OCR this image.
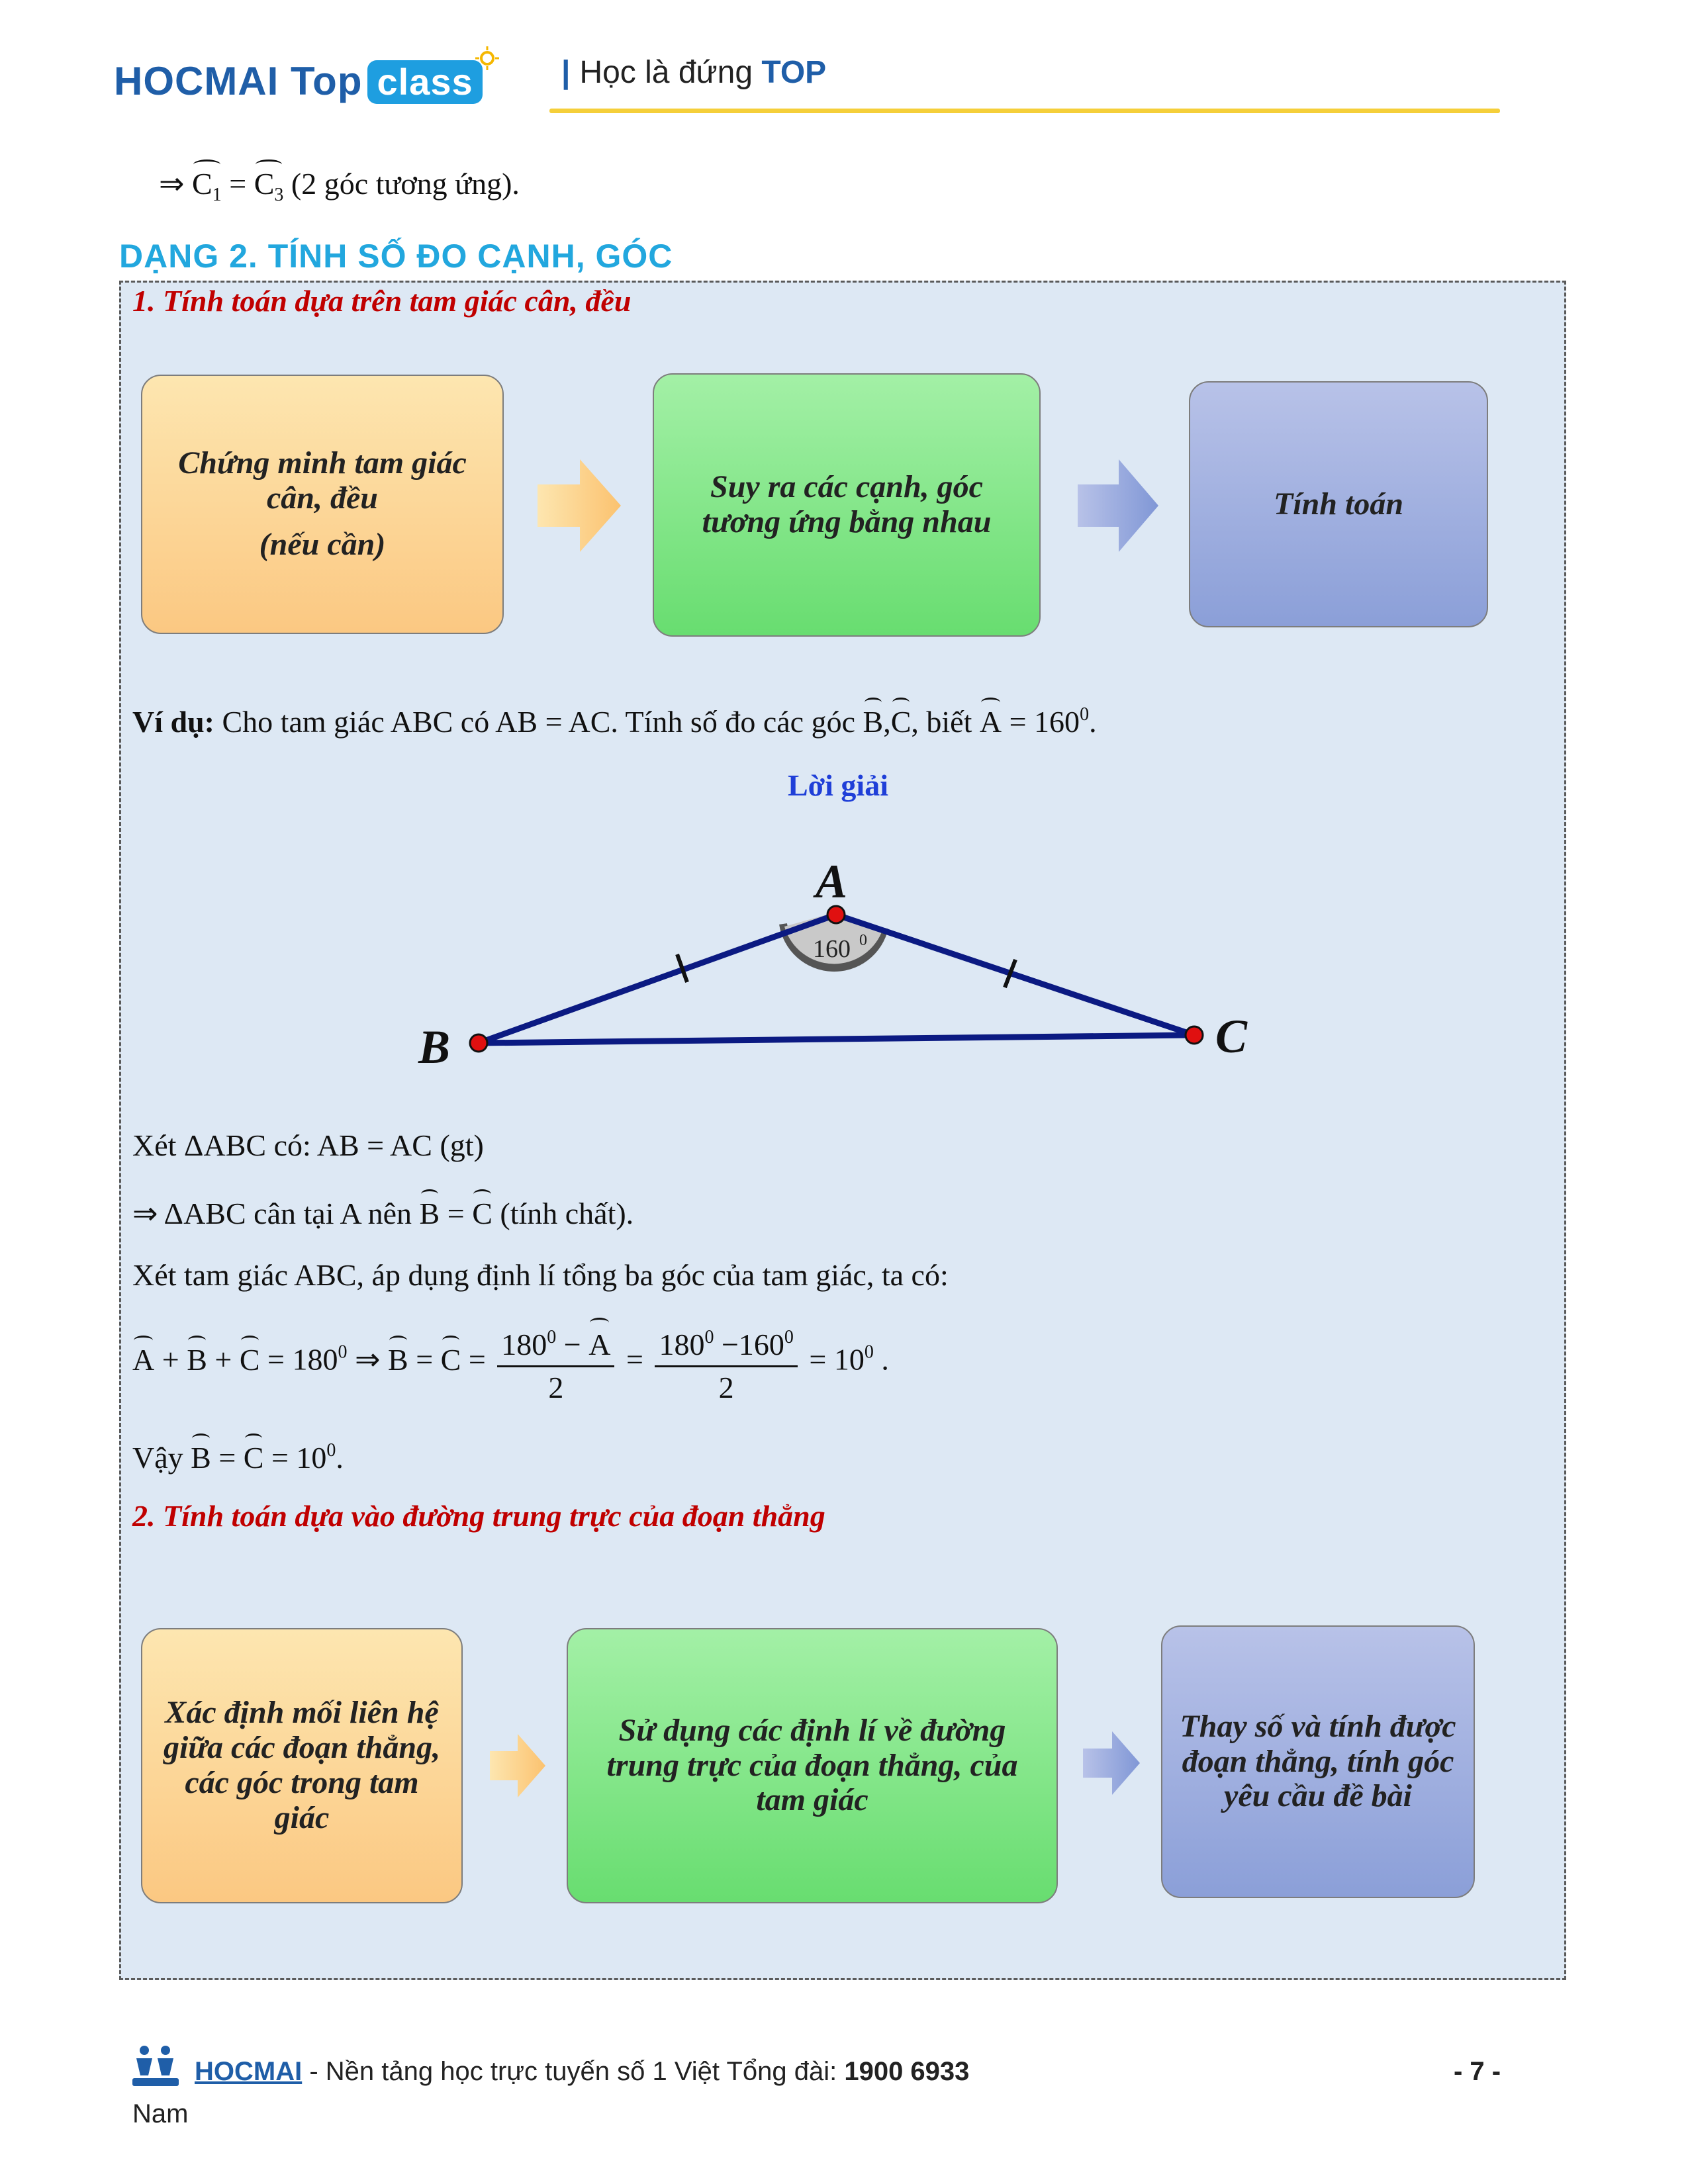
HOCMAI Top class	| Học là đứng TOP
⇒ $C_1 = C_3$ (2 góc tương ứng).
DẠNG 2. TÍNH SỐ ĐO CẠNH, GÓC
1. Tính toán dựa trên tam giác cân, đều
Chứng minh tam giác cân, đều
(nếu cần)
Suy ra các cạnh, góc tương ứng bằng nhau
Tính toán
Ví dụ: Cho tam giác ABC có AB = AC. Tính số đo các góc B,C, biết $A = 160^0$.
Lời giải
A
B	C
160 0
Xét ΔABC có: AB = AC (gt)
⇒ ΔABC cân tại A nên B = C (tính chất).
Xét tam giác ABC, áp dụng định lí tổng ba góc của tam giác, ta có:
$A + B + C = 180^0$ ⇒ $B = C = \frac{180^0 - A}{2} = \frac{180^0 -160^0}{2} = 10^0$ .
Vậy $B = C = 10^0$.
2. Tính toán dựa vào đường trung trực của đoạn thẳng
Xác định mối liên hệ giữa các đoạn thẳng, các góc trong tam giác
Sử dụng các định lí về đường trung trực của đoạn thẳng, của tam giác
Thay số và tính được đoạn thẳng, tính góc yêu cầu đề bài
HOCMAI - Nền tảng học trực tuyến số 1 Việt Tổng đài: 1900 6933
Nam
- 7 -
